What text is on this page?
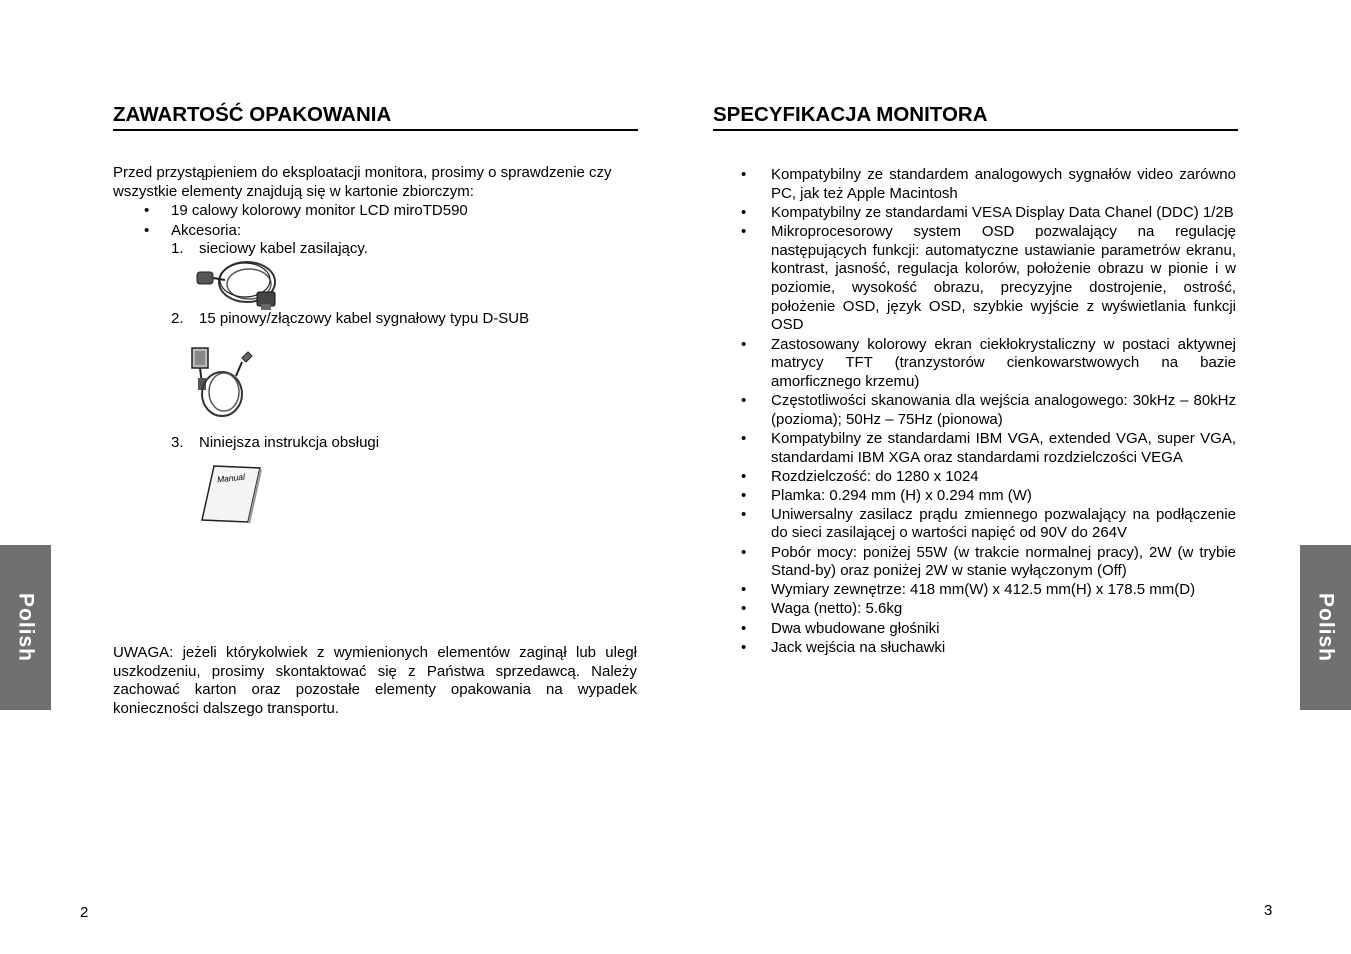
ZAWARTOŚĆ OPAKOWANIA
Przed przystąpieniem do eksploatacji monitora, prosimy o sprawdzenie czy wszystkie elementy znajdują się w kartonie zbiorczym:
• 19 calowy kolorowy monitor LCD miroTD590
• Akcesoria:
1. sieciowy kabel zasilający.
2. 15 pinowy/złączowy kabel sygnałowy typu D-SUB
3. Niniejsza instrukcja obsługi
Manual
UWAGA: jeżeli którykolwiek z wymienionych elementów zaginął lub uległ uszkodzeniu, prosimy skontaktować się z Państwa sprzedawcą. Należy zachować karton oraz pozostałe elementy opakowania na wypadek konieczności dalszego transportu.
2
SPECYFIKACJA MONITORA
• Kompatybilny ze standardem analogowych sygnałów video zarówno PC, jak też Apple Macintosh
• Kompatybilny ze standardami VESA Display Data Chanel (DDC) 1/2B
• Mikroprocesorowy system OSD pozwalający na regulację następujących funkcji: automatyczne ustawianie parametrów ekranu, kontrast, jasność, regulacja kolorów, położenie obrazu w pionie i w poziomie, wysokość obrazu, precyzyjne dostrojenie, ostrość, położenie OSD, język OSD, szybkie wyjście z wyświetlania funkcji OSD
• Zastosowany kolorowy ekran ciekłokrystaliczny w postaci aktywnej matrycy TFT (tranzystorów cienkowarstwowych na bazie amorficznego krzemu)
• Częstotliwości skanowania dla wejścia analogowego: 30kHz – 80kHz (pozioma); 50Hz – 75Hz (pionowa)
• Kompatybilny ze standardami IBM VGA, extended VGA, super VGA, standardami IBM XGA oraz standardami rozdzielczości VEGA
• Rozdzielczość: do 1280 x 1024
• Plamka: 0.294 mm (H) x 0.294 mm (W)
• Uniwersalny zasilacz prądu zmiennego pozwalający na podłączenie do sieci zasilającej o wartości napięć od 90V do 264V
• Pobór mocy: poniżej 55W (w trakcie normalnej pracy), 2W (w trybie Stand-by) oraz poniżej 2W w stanie wyłączonym (Off)
• Wymiary zewnętrze: 418 mm(W) x 412.5 mm(H) x 178.5 mm(D)
• Waga (netto): 5.6kg
• Dwa wbudowane głośniki
• Jack wejścia na słuchawki
3
Polish	Polish
